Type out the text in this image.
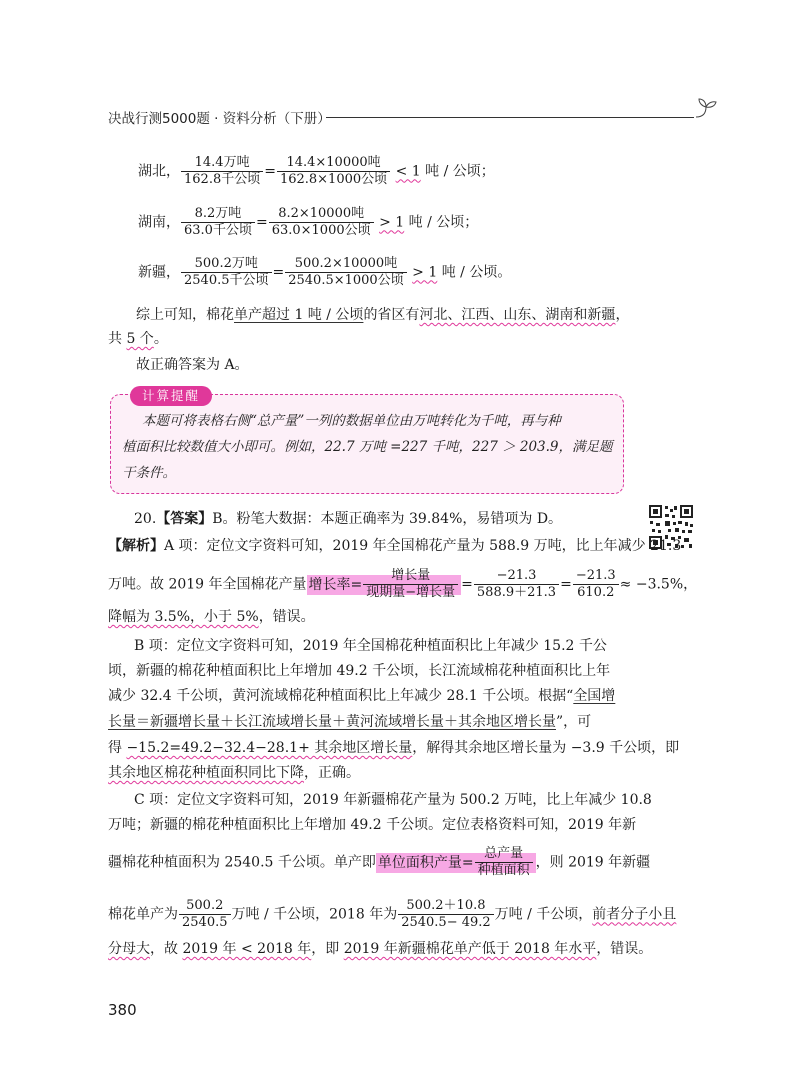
决战行测5000题 · 资料分析（下册）
湖北， $\frac{\text{14.4万吨}}{\text{162.8千公顷}} = \frac{\text{14.4×10000吨}}{\text{162.8×1000公顷}} < 1$ 吨 / 公顷；
湖南， $\frac{\text{8.2万吨}}{\text{63.0千公顷}} = \frac{\text{8.2×10000吨}}{\text{63.0×1000公顷}} > 1$ 吨 / 公顷；
新疆， $\frac{\text{500.2万吨}}{\text{2540.5千公顷}} = \frac{\text{500.2×10000吨}}{\text{2540.5×1000公顷}} > 1$ 吨 / 公顷。
综上可知，棉花单产超过 1 吨 / 公顷的省区有河北、江西、山东、湖南和新疆，
共 5 个。
故正确答案为 A。
计算提醒
本题可将表格右侧“总产量”一列的数据单位由万吨转化为千吨，再与种
植面积比较数值大小即可。例如，22.7 万吨 =227 千吨，227 ＞ 203.9，满足题
干条件。
20.【答案】B。粉笔大数据：本题正确率为 39.84%，易错项为 D。
【解析】A 项：定位文字资料可知，2019 年全国棉花产量为 588.9 万吨，比上年减少 21.3
万吨。故 2019 年全国棉花产量 增长率= $\frac{\text{增长量}}{\text{现期量−增长量}} = \frac{-21.3}{588.9+21.3} = \frac{-21.3}{610.2} \approx -3.5\%$，
降幅为 3.5%，小于 5%，错误。
B 项：定位文字资料可知，2019 年全国棉花种植面积比上年减少 15.2 千公
顷，新疆的棉花种植面积比上年增加 49.2 千公顷，长江流域棉花种植面积比上年
减少 32.4 千公顷，黄河流域棉花种植面积比上年减少 28.1 千公顷。根据“全国增
长量＝新疆增长量＋长江流域增长量＋黄河流域增长量＋其余地区增长量”，可
得 −15.2=49.2−32.4−28.1+ 其余地区增长量，解得其余地区增长量为 −3.9 千公顷，即
其余地区棉花种植面积同比下降，正确。
C 项：定位文字资料可知，2019 年新疆棉花产量为 500.2 万吨，比上年减少 10.8
万吨；新疆的棉花种植面积比上年增加 49.2 千公顷。定位表格资料可知，2019 年新
疆棉花种植面积为 2540.5 千公顷。单产即 单位面积产量= $\frac{\text{总产量}}{\text{种植面积}}$ ，则 2019 年新疆
棉花单产为 $\frac{500.2}{2540.5}$ 万吨 / 千公顷，2018 年为 $\frac{500.2+10.8}{2540.5- 49.2}$ 万吨 / 千公顷，前者分子小且
分母大，故 2019 年 < 2018 年，即 2019 年新疆棉花单产低于 2018 年水平，错误。
380
